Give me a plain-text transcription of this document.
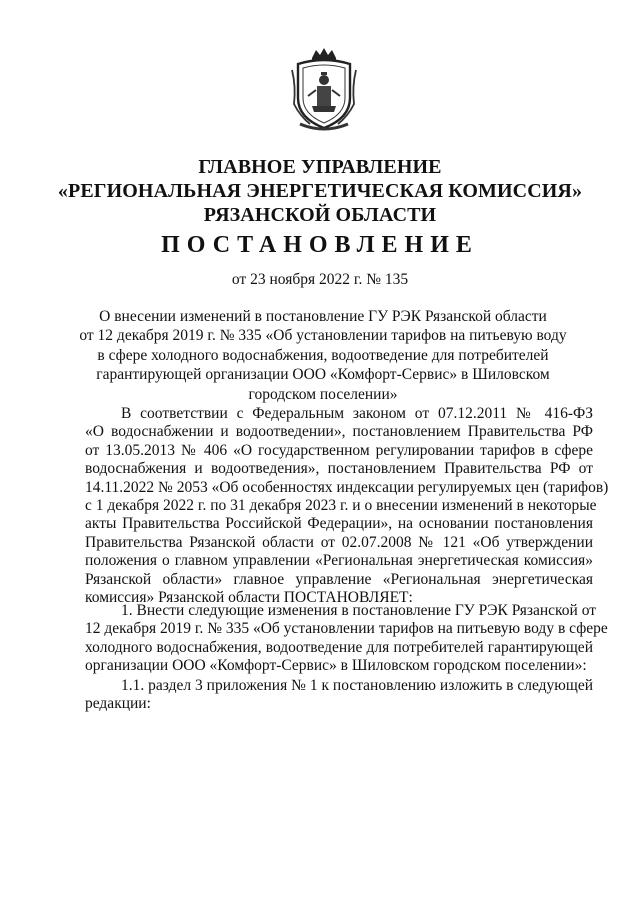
ГЛАВНОЕ УПРАВЛЕНИЕ
«РЕГИОНАЛЬНАЯ ЭНЕРГЕТИЧЕСКАЯ КОМИССИЯ»
РЯЗАНСКОЙ ОБЛАСТИ
ПОСТАНОВЛЕНИЕ
от 23 ноября 2022 г. № 135
О внесении изменений в постановление ГУ РЭК Рязанской области
от 12 декабря 2019 г. № 335 «Об установлении тарифов на питьевую воду
в сфере холодного водоснабжения, водоотведение для потребителей
гарантирующей организации ООО «Комфорт-Сервис» в Шиловском
городском поселении»
В соответствии с Федеральным законом от 07.12.2011 № 416-ФЗ
«О водоснабжении и водоотведении», постановлением Правительства РФ
от 13.05.2013 № 406 «О государственном регулировании тарифов в сфере
водоснабжения и водоотведения», постановлением Правительства РФ от
14.11.2022 № 2053 «Об особенностях индексации регулируемых цен (тарифов)
с 1 декабря 2022 г. по 31 декабря 2023 г. и о внесении изменений в некоторые
акты Правительства Российской Федерации», на основании постановления
Правительства Рязанской области от 02.07.2008 № 121 «Об утверждении
положения о главном управлении «Региональная энергетическая комиссия»
Рязанской области» главное управление «Региональная энергетическая
комиссия» Рязанской области ПОСТАНОВЛЯЕТ:
1. Внести следующие изменения в постановление ГУ РЭК Рязанской от
12 декабря 2019 г. № 335 «Об установлении тарифов на питьевую воду в сфере
холодного водоснабжения, водоотведение для потребителей гарантирующей
организации ООО «Комфорт-Сервис» в Шиловском городском поселении»:
1.1. раздел 3 приложения № 1 к постановлению изложить в следующей
редакции:
